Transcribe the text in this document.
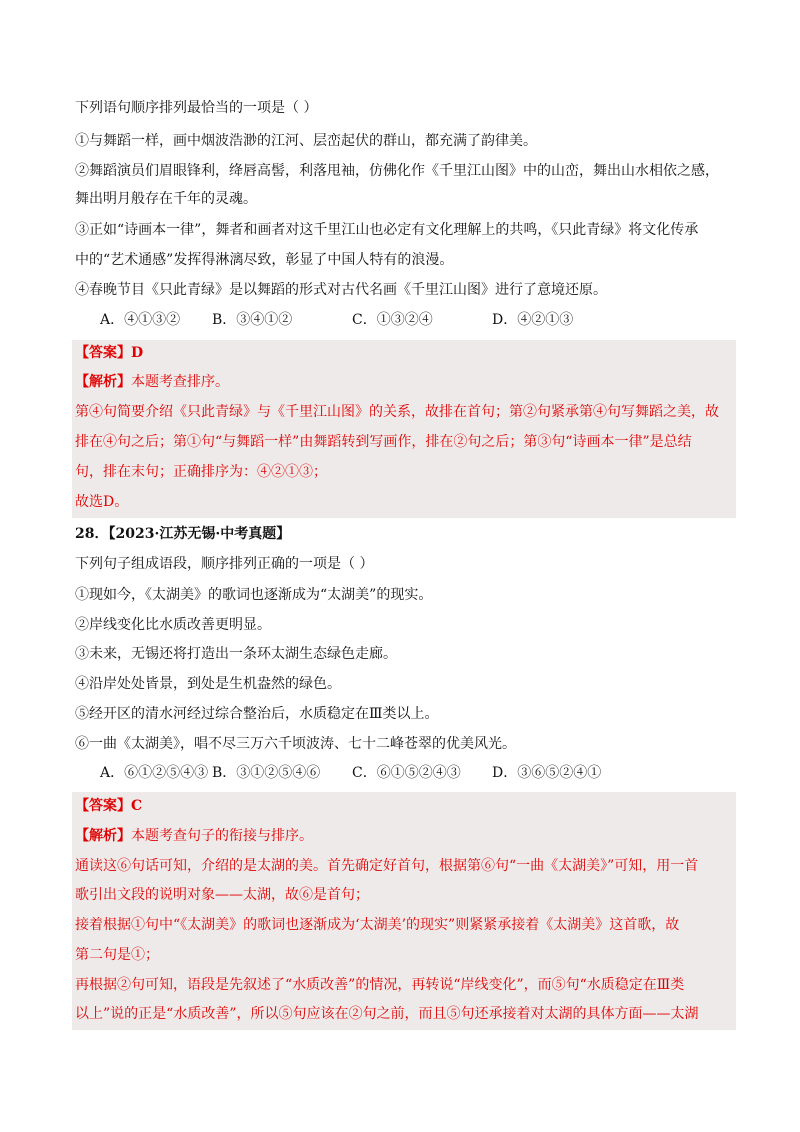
下列语句顺序排列最恰当的一项是（ ）
①与舞蹈一样，画中烟波浩渺的江河、层峦起伏的群山，都充满了韵律美。
②舞蹈演员们眉眼锋利，绛唇高髻，利落甩袖，仿佛化作《千里江山图》中的山峦，舞出山水相依之感，
舞出明月般存在千年的灵魂。
③正如“诗画本一律”，舞者和画者对这千里江山也必定有文化理解上的共鸣，《只此青绿》将文化传承
中的“艺术通感”发挥得淋漓尽致，彰显了中国人特有的浪漫。
④春晚节目《只此青绿》是以舞蹈的形式对古代名画《千里江山图》进行了意境还原。
A．④①③② B．③④①②	C．①③②④	D．④②①③
【答案】D
【解析】本题考查排序。
第④句简要介绍《只此青绿》与《千里江山图》的关系，故排在首句；第②句紧承第④句写舞蹈之美，故
排在④句之后；第①句“与舞蹈一样”由舞蹈转到写画作，排在②句之后；第③句“诗画本一律”是总结
句，排在末句；正确排序为：④②①③；
故选D。
28．【2023·江苏无锡·中考真题】
下列句子组成语段，顺序排列正确的一项是（ ）
①现如今，《太湖美》的歌词也逐渐成为“太湖美”的现实。
②岸线变化比水质改善更明显。
③未来，无锡还将打造出一条环太湖生态绿色走廊。
④沿岸处处皆景，到处是生机盎然的绿色。
⑤经开区的清水河经过综合整治后，水质稳定在Ⅲ类以上。
⑥一曲《太湖美》，唱不尽三万六千顷波涛、七十二峰苍翠的优美风光。
A．⑥①②⑤④③ B．③①②⑤④⑥ C．⑥①⑤②④③ D．③⑥⑤②④①
【答案】C
【解析】本题考查句子的衔接与排序。
通读这⑥句话可知，介绍的是太湖的美。首先确定好首句，根据第⑥句“一曲《太湖美》”可知，用一首
歌引出文段的说明对象——太湖，故⑥是首句；
接着根据①句中“《太湖美》的歌词也逐渐成为‘太湖美’的现实”则紧紧承接着《太湖美》这首歌，故
第二句是①；
再根据②句可知，语段是先叙述了“水质改善”的情况，再转说“岸线变化”，而⑤句“水质稳定在Ⅲ类
以上”说的正是“水质改善”，所以⑤句应该在②句之前，而且⑤句还承接着对太湖的具体方面——太湖
